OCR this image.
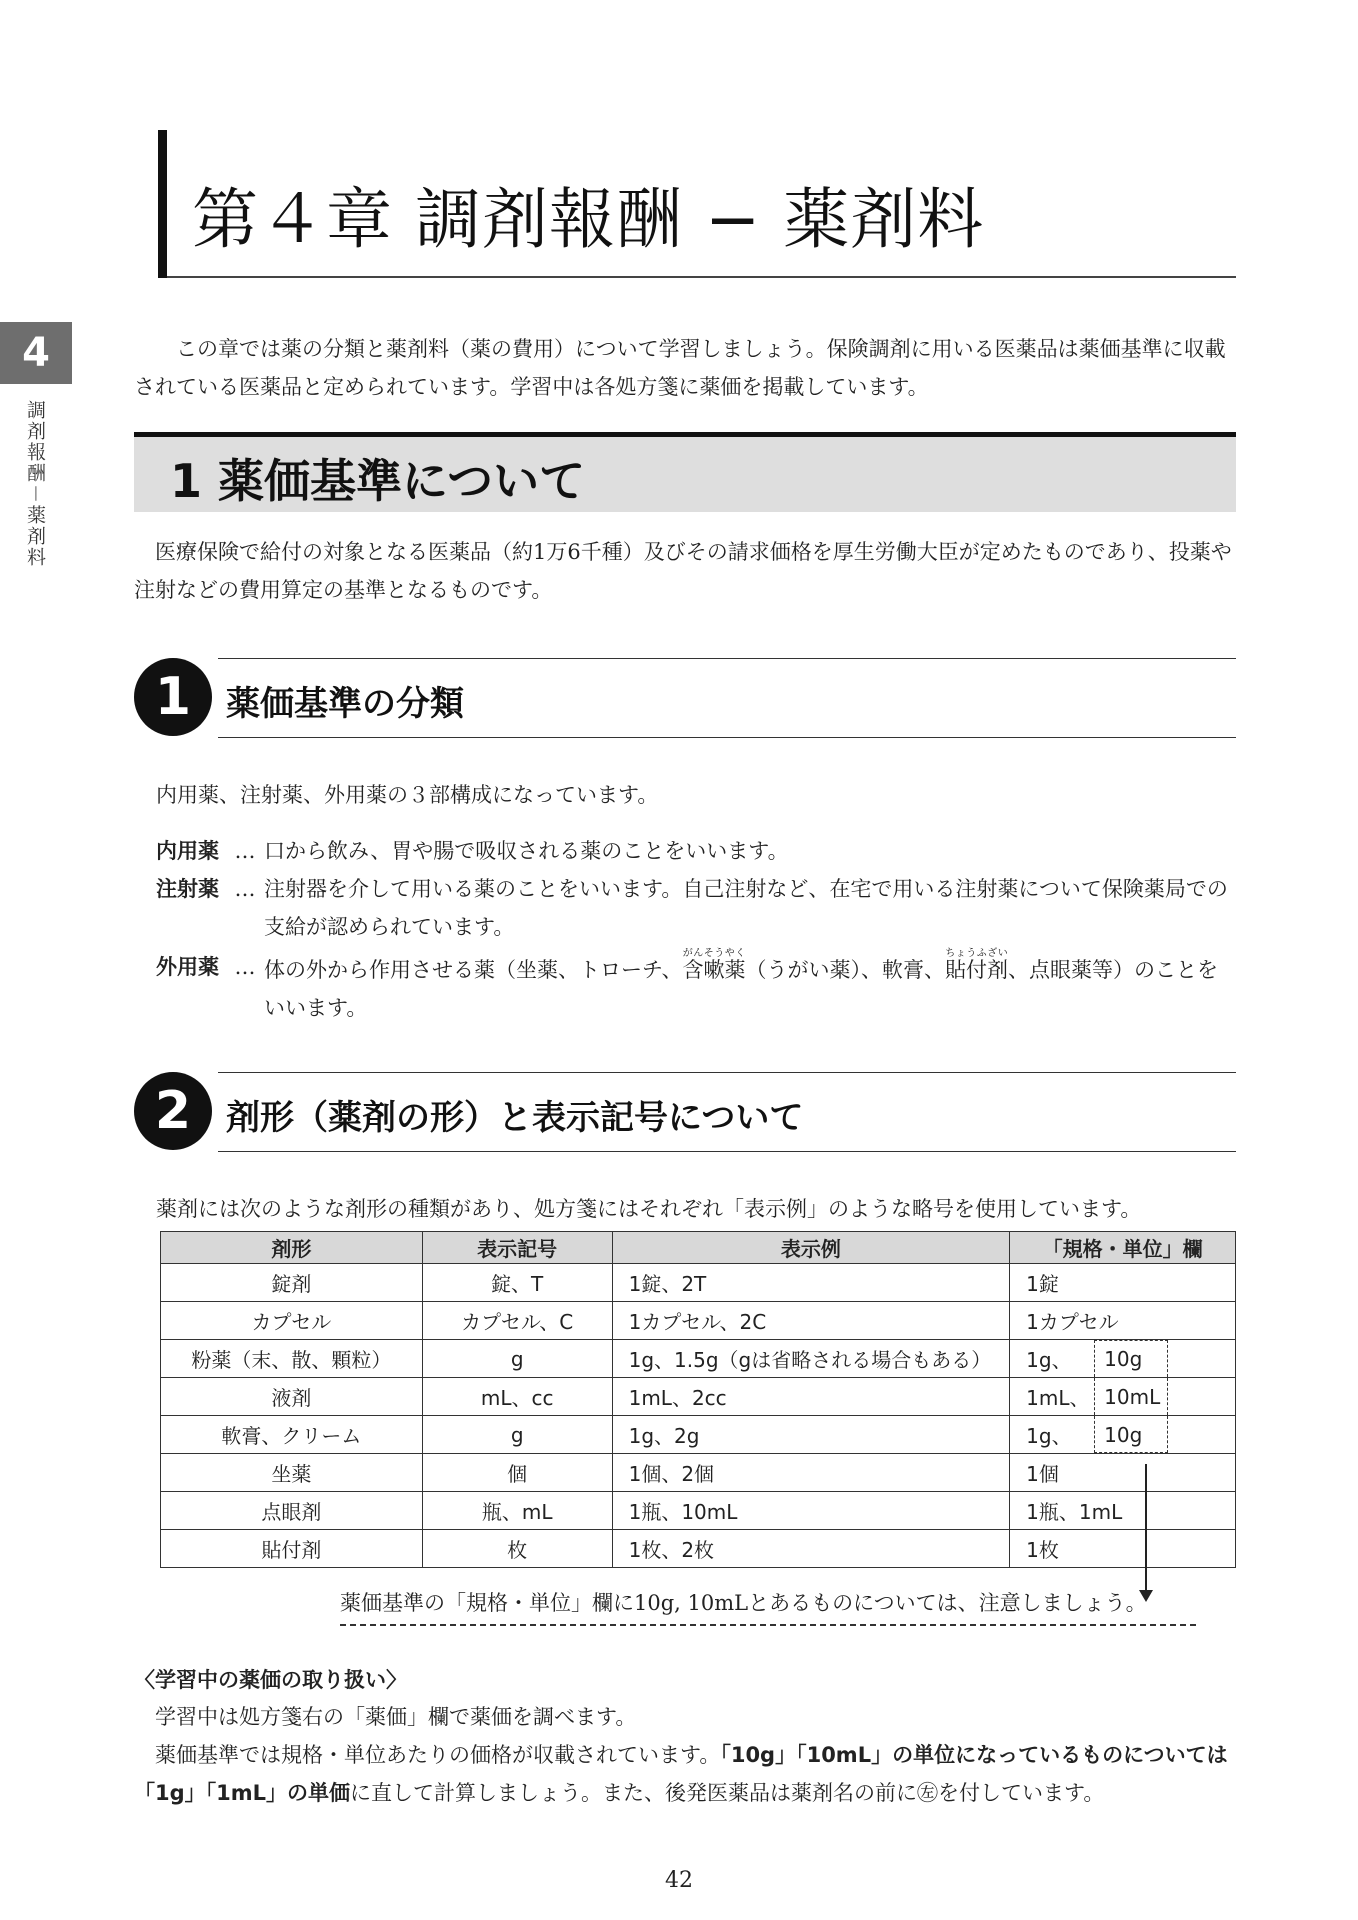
4
調剤報酬－薬剤料
第４章 調剤報酬 − 薬剤料
この章では薬の分類と薬剤料（薬の費用）について学習しましょう。保険調剤に用いる医薬品は薬価基準に収載されている医薬品と定められています。学習中は各処方箋に薬価を掲載しています。
1 薬価基準について
医療保険で給付の対象となる医薬品（約1万6千種）及びその請求価格を厚生労働大臣が定めたものであり、投薬や注射などの費用算定の基準となるものです。
1	薬価基準の分類
内用薬、注射薬、外用薬の３部構成になっています。
内用薬 … 口から飲み、胃や腸で吸収される薬のことをいいます。
注射薬 … 注射器を介して用いる薬のことをいいます。自己注射など、在宅で用いる注射薬について保険薬局での支給が認められています。
外用薬 … 体の外から作用させる薬（坐薬、トローチ、含嗽薬がんそうやく（うがい薬）、軟膏、貼付剤ちょうふざい、点眼薬等）のことをいいます。
2	剤形（薬剤の形）と表示記号について
薬剤には次のような剤形の種類があり、処方箋にはそれぞれ「表示例」のような略号を使用しています。
剤形	表示記号	表示例	「規格・単位」欄
錠剤	錠、T	1錠、2T	1錠
カプセル	カプセル、C	1カプセル、2C	1カプセル
粉薬（末、散、顆粒）	g	1g、1.5g（gは省略される場合もある）	1g、 10g

液剤	mL、cc	1mL、2cc	1mL、 10mL

軟膏、クリーム	g	1g、2g	1g、 10g

坐薬	個	1個、2個	1個
点眼剤	瓶、mL	1瓶、10mL	1瓶、1mL
貼付剤	枚	1枚、2枚	1枚
薬価基準の「規格・単位」欄に10g, 10mLとあるものについては、注意しましょう。
〈学習中の薬価の取り扱い〉
学習中は処方箋右の「薬価」欄で薬価を調べます。
薬価基準では規格・単位あたりの価格が収載されています。「10g」「10mL」の単位になっているものについては「1g」「1mL」の単価に直して計算しましょう。また、後発医薬品は薬剤名の前に㊧を付しています。
42
